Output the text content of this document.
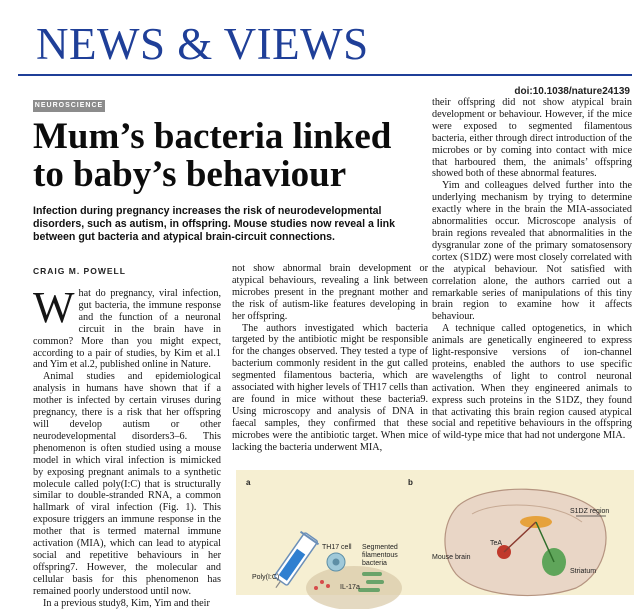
NEWS & VIEWS
doi:10.1038/nature24139
NEUROSCIENCE
Mum’s bacteria linked
to baby’s behaviour
Infection during pregnancy increases the risk of neurodevelopmental disorders, such as autism, in offspring. Mouse studies now reveal a link between gut bacteria and atypical brain-circuit connections.
CRAIG M. POWELL

What do pregnancy, viral infection, gut bacteria, the immune response and the function of a neuronal circuit in the brain have in common? More than you might expect, according to a pair of studies, by Kim et al.1 and Yim et al.2, published online in Nature.

Animal studies and epidemiological analysis in humans have shown that if a mother is infected by certain viruses during pregnancy, there is a risk that her offspring will develop autism or other neurodevelopmental disorders3–6. This phenomenon is often studied using a mouse model in which viral infection is mimicked by exposing pregnant animals to a synthetic molecule called poly(I:C) that is structurally similar to double-stranded RNA, a common hallmark of viral infection (Fig. 1). This exposure triggers an immune response in the mother that is termed maternal immune activation (MIA), which can lead to atypical social and repetitive behaviours in her offspring7. However, the molecular and cellular basis for this phenomenon has remained poorly understood until now.

In a previous study8, Kim, Yim and their

not show abnormal brain development or atypical behaviours, revealing a link between microbes present in the pregnant mother and the risk of autism-like features developing in her offspring.

The authors investigated which bacteria targeted by the antibiotic might be responsible for the changes observed. They tested a type of bacterium commonly resident in the gut called segmented filamentous bacteria, which are associated with higher levels of TH17 cells than are found in mice without these bacteria9. Using microscopy and analysis of DNA in faecal samples, they confirmed that these microbes were the antibiotic target. When mice lacking the bacteria underwent MIA,

their offspring did not show atypical brain development or behaviour. However, if the mice were exposed to segmented filamentous bacteria, either through direct introduction of the microbes or by coming into contact with mice that harboured them, the animals’ offspring showed both of these abnormal features.

Yim and colleagues delved further into the underlying mechanism by trying to determine exactly where in the brain the MIA-associated abnormalities occur. Microscope analysis of brain regions revealed that abnormalities in the dysgranular zone of the primary somatosensory cortex (S1DZ) were most closely correlated with the atypical behaviour. Not satisfied with correlation alone, the authors carried out a remarkable series of manipulations of this tiny brain region to examine how it affects behaviour.

A technique called optogenetics, in which animals are genetically engineered to express light-responsive versions of ion-channel proteins, enabled the authors to use specific wavelengths of light to control neuronal activation. When they engineered animals to express such proteins in the S1DZ, they found that activating this brain region caused atypical social and repetitive behaviours in the offspring of wild-type mice that had not undergone MIA.

a	b
Poly(I:C)
TH17 cell
IL-17a
Segmented filamentous bacteria
Mouse brain
TeA
S1DZ region
Striatum
